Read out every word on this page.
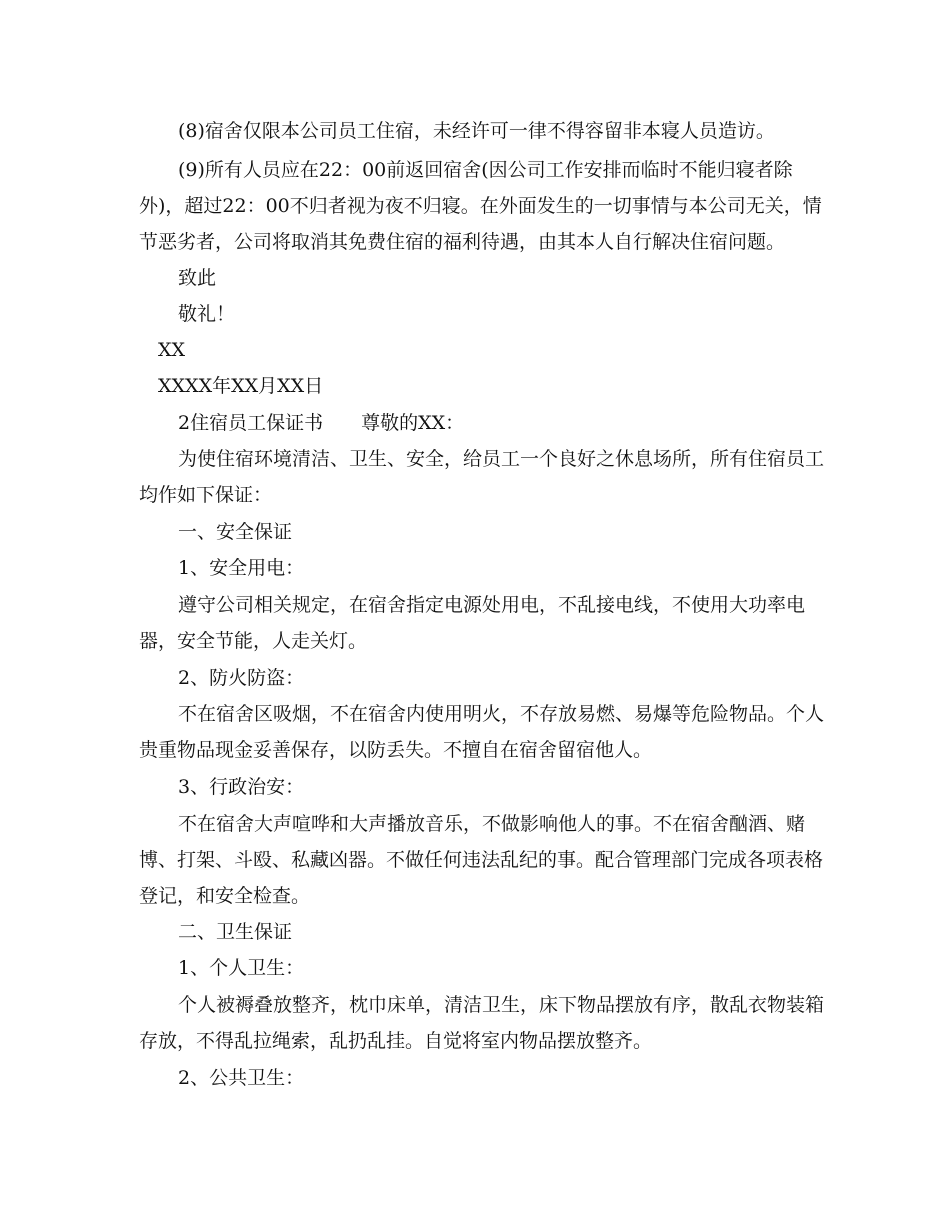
(8)宿舍仅限本公司员工住宿，未经许可一律不得容留非本寝人员造访。
(9)所有人员应在22：00前返回宿舍(因公司工作安排而临时不能归寝者除
外)，超过22：00不归者视为夜不归寝。在外面发生的一切事情与本公司无关，情
节恶劣者，公司将取消其免费住宿的福利待遇，由其本人自行解决住宿问题。
致此
敬礼！
XX
XXXX年XX月XX日
2住宿员工保证书　　尊敬的XX：
为使住宿环境清洁、卫生、安全，给员工一个良好之休息场所，所有住宿员工
均作如下保证：
一、安全保证
1、安全用电：
遵守公司相关规定，在宿舍指定电源处用电，不乱接电线，不使用大功率电
器，安全节能，人走关灯。
2、防火防盗：
不在宿舍区吸烟，不在宿舍内使用明火，不存放易燃、易爆等危险物品。个人
贵重物品现金妥善保存，以防丢失。不擅自在宿舍留宿他人。
3、行政治安：
不在宿舍大声喧哗和大声播放音乐，不做影响他人的事。不在宿舍酗酒、赌
博、打架、斗殴、私藏凶器。不做任何违法乱纪的事。配合管理部门完成各项表格
登记，和安全检查。
二、卫生保证
1、个人卫生：
个人被褥叠放整齐，枕巾床单，清洁卫生，床下物品摆放有序，散乱衣物装箱
存放，不得乱拉绳索，乱扔乱挂。自觉将室内物品摆放整齐。
2、公共卫生：
